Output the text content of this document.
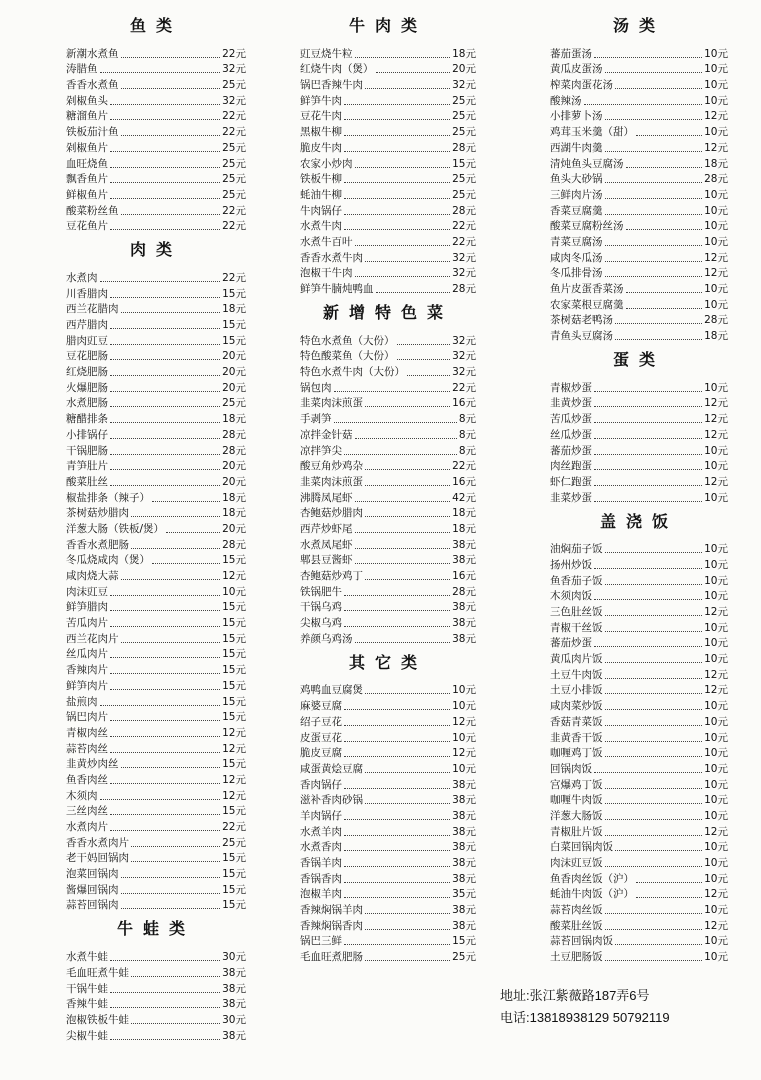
鱼类
新潮水煮鱼	22元
涛腊鱼	32元
香香水煮鱼	25元
剁椒鱼头	32元
糖溜鱼片	22元
铁板茄汁鱼	22元
剁椒鱼片	25元
血旺烧鱼	25元
飘香鱼片	25元
鲜椒鱼片	25元
酸菜粉丝鱼	22元
豆花鱼片	22元
肉类
水煮肉	22元
川香腊肉	15元
西兰花腊肉	18元
西芹腊肉	15元
腊肉豇豆	15元
豆花肥肠	20元
红烧肥肠	20元
火爆肥肠	20元
水煮肥肠	25元
糖醋排条	18元
小排锅仔	28元
干锅肥肠	28元
青笋肚片	20元
酸菜肚丝	20元
椒盐排条（辣子）	18元
茶树菇炒腊肉	18元
洋葱大肠（铁板/煲）	20元
香香水煮肥肠	28元
冬瓜烧咸肉（煲）	15元
咸肉烧大蒜	12元
肉沫豇豆	10元
鲜笋腊肉	15元
苦瓜肉片	15元
西兰花肉片	15元
丝瓜肉片	15元
香辣肉片	15元
鲜笋肉片	15元
盐煎肉	15元
锅巴肉片	15元
青椒肉丝	12元
蒜苔肉丝	12元
韭黄炒肉丝	15元
鱼香肉丝	12元
木须肉	12元
三丝肉丝	15元
水煮肉片	22元
香香水煮肉片	25元
老干妈回锅肉	15元
泡菜回锅肉	15元
酱爆回锅肉	15元
蒜苔回锅肉	15元
牛蛙类
水煮牛蛙	30元
毛血旺煮牛蛙	38元
干锅牛蛙	38元
香辣牛蛙	38元
泡椒铁板牛蛙	30元
尖椒牛蛙	38元
牛肉类
豇豆烧牛粒	18元
红烧牛肉（煲）	20元
锅巴香辣牛肉	32元
鲜笋牛肉	25元
豆花牛肉	25元
黑椒牛柳	25元
脆皮牛肉	28元
农家小炒肉	15元
铁板牛柳	25元
蚝油牛柳	25元
牛肉锅仔	28元
水煮牛肉	22元
水煮牛百叶	22元
香香水煮牛肉	32元
泡椒干牛肉	32元
鲜笋牛腩炖鸭血	28元
新增特色菜
特色水煮鱼（大份）	32元
特色酸菜鱼（大份）	32元
特色水煮牛肉（大份）	32元
锅包肉	22元
韭菜肉沫煎蛋	16元
手剥笋	8元
凉拌金针菇	8元
凉拌笋尖	8元
酸豆角炒鸡杂	22元
韭菜肉沫煎蛋	16元
沸腾凤尾虾	42元
杏鲍菇炒腊肉	18元
西芹炒虾尾	18元
水煮凤尾虾	38元
郫县豆酱虾	38元
杏鲍菇炒鸡丁	16元
铁锅肥牛	28元
干锅乌鸡	38元
尖椒乌鸡	38元
养颜乌鸡汤	38元
其它类
鸡鸭血豆腐煲	10元
麻婆豆腐	10元
绍子豆花	12元
皮蛋豆花	10元
脆皮豆腐	12元
咸蛋黄烩豆腐	10元
香肉锅仔	38元
滋补香肉砂锅	38元
羊肉锅仔	38元
水煮羊肉	38元
水煮香肉	38元
香锅羊肉	38元
香锅香肉	38元
泡椒羊肉	35元
香辣焖锅羊肉	38元
香辣焖锅香肉	38元
锅巴三鲜	15元
毛血旺煮肥肠	25元
汤类
蕃茄蛋汤	10元
黄瓜皮蛋汤	10元
榨菜肉蛋花汤	10元
酸辣汤	10元
小排萝卜汤	12元
鸡茸玉米羹（甜）	10元
西湖牛肉羹	12元
清炖鱼头豆腐汤	18元
鱼头大砂锅	28元
三鲜肉片汤	10元
香菜豆腐羹	10元
酸菜豆腐粉丝汤	10元
青菜豆腐汤	10元
咸肉冬瓜汤	12元
冬瓜排骨汤	12元
鱼片皮蛋香菜汤	10元
农家菜根豆腐羹	10元
茶树菇老鸭汤	28元
青鱼头豆腐汤	18元
蛋类
青椒炒蛋	10元
韭黄炒蛋	12元
苦瓜炒蛋	12元
丝瓜炒蛋	12元
蕃茄炒蛋	10元
肉丝跑蛋	10元
虾仁跑蛋	12元
韭菜炒蛋	10元
盖浇饭
油焖茄子饭	10元
扬州炒饭	10元
鱼香茄子饭	10元
木须肉饭	10元
三色肚丝饭	12元
青椒干丝饭	10元
蕃茄炒蛋	10元
黄瓜肉片饭	10元
土豆牛肉饭	12元
土豆小排饭	12元
咸肉菜炒饭	10元
香菇青菜饭	10元
韭黄香干饭	10元
咖喱鸡丁饭	10元
回锅肉饭	10元
宫爆鸡丁饭	10元
咖喱牛肉饭	10元
洋葱大肠饭	10元
青椒肚片饭	12元
白菜回锅肉饭	10元
肉沫豇豆饭	10元
鱼香肉丝饭（沪）	10元
蚝油牛肉饭（沪）	12元
蒜苔肉丝饭	10元
酸菜肚丝饭	12元
蒜苔回锅肉饭	10元
土豆肥肠饭	10元
地址:张江紫薇路187弄6号
电话:13818938129 50792119
